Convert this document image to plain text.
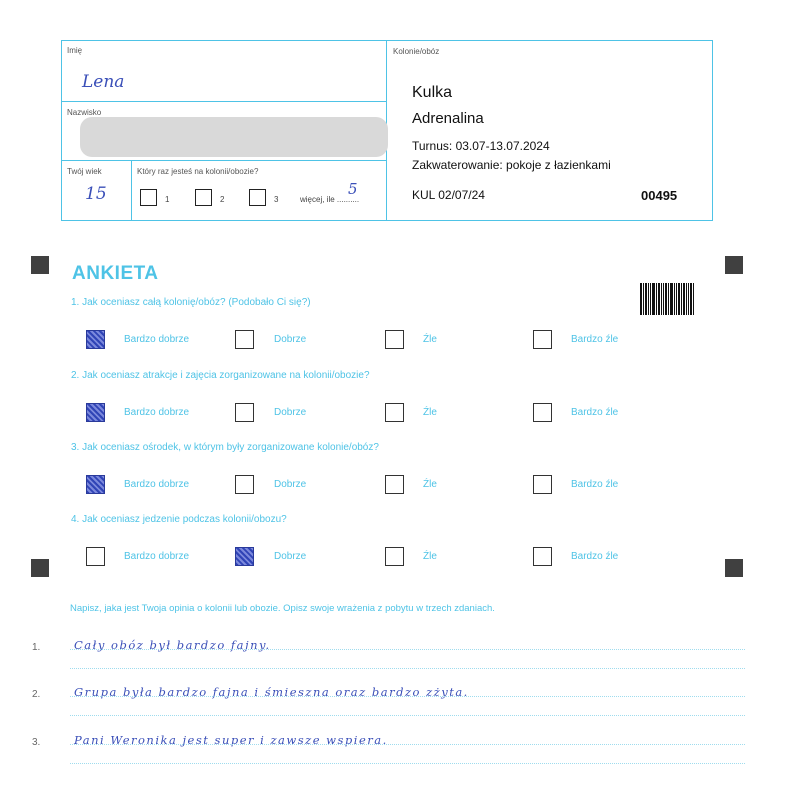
Imię
Lena
Nazwisko
Twój wiek
15
Który raz jesteś na kolonii/obozie?
1	2	3	więcej, ile ..........
5
Kolonie/obóz
Kulka
Adrenalina
Turnus: 03.07-13.07.2024
Zakwaterowanie: pokoje z łazienkami
KUL 02/07/24	00495
ANKIETA
1. Jak oceniasz całą kolonię/obóz? (Podobało Ci się?)
Bardzo dobrze	Dobrze	Źle	Bardzo źle
2. Jak oceniasz atrakcje i zajęcia zorganizowane na kolonii/obozie?
Bardzo dobrze	Dobrze	Źle	Bardzo źle
3. Jak oceniasz ośrodek, w którym były zorganizowane kolonie/obóz?
Bardzo dobrze	Dobrze	Źle	Bardzo źle
4. Jak oceniasz jedzenie podczas kolonii/obozu?
Bardzo dobrze	Dobrze	Źle	Bardzo źle
Napisz, jaka jest Twoja opinia o kolonii lub obozie. Opisz swoje wrażenia z pobytu w trzech zdaniach.
1.	Cały obóz był bardzo fajny.
2.	Grupa była bardzo fajna i śmieszna oraz bardzo zżyta.
3.	Pani Weronika jest super i zawsze wspiera.
